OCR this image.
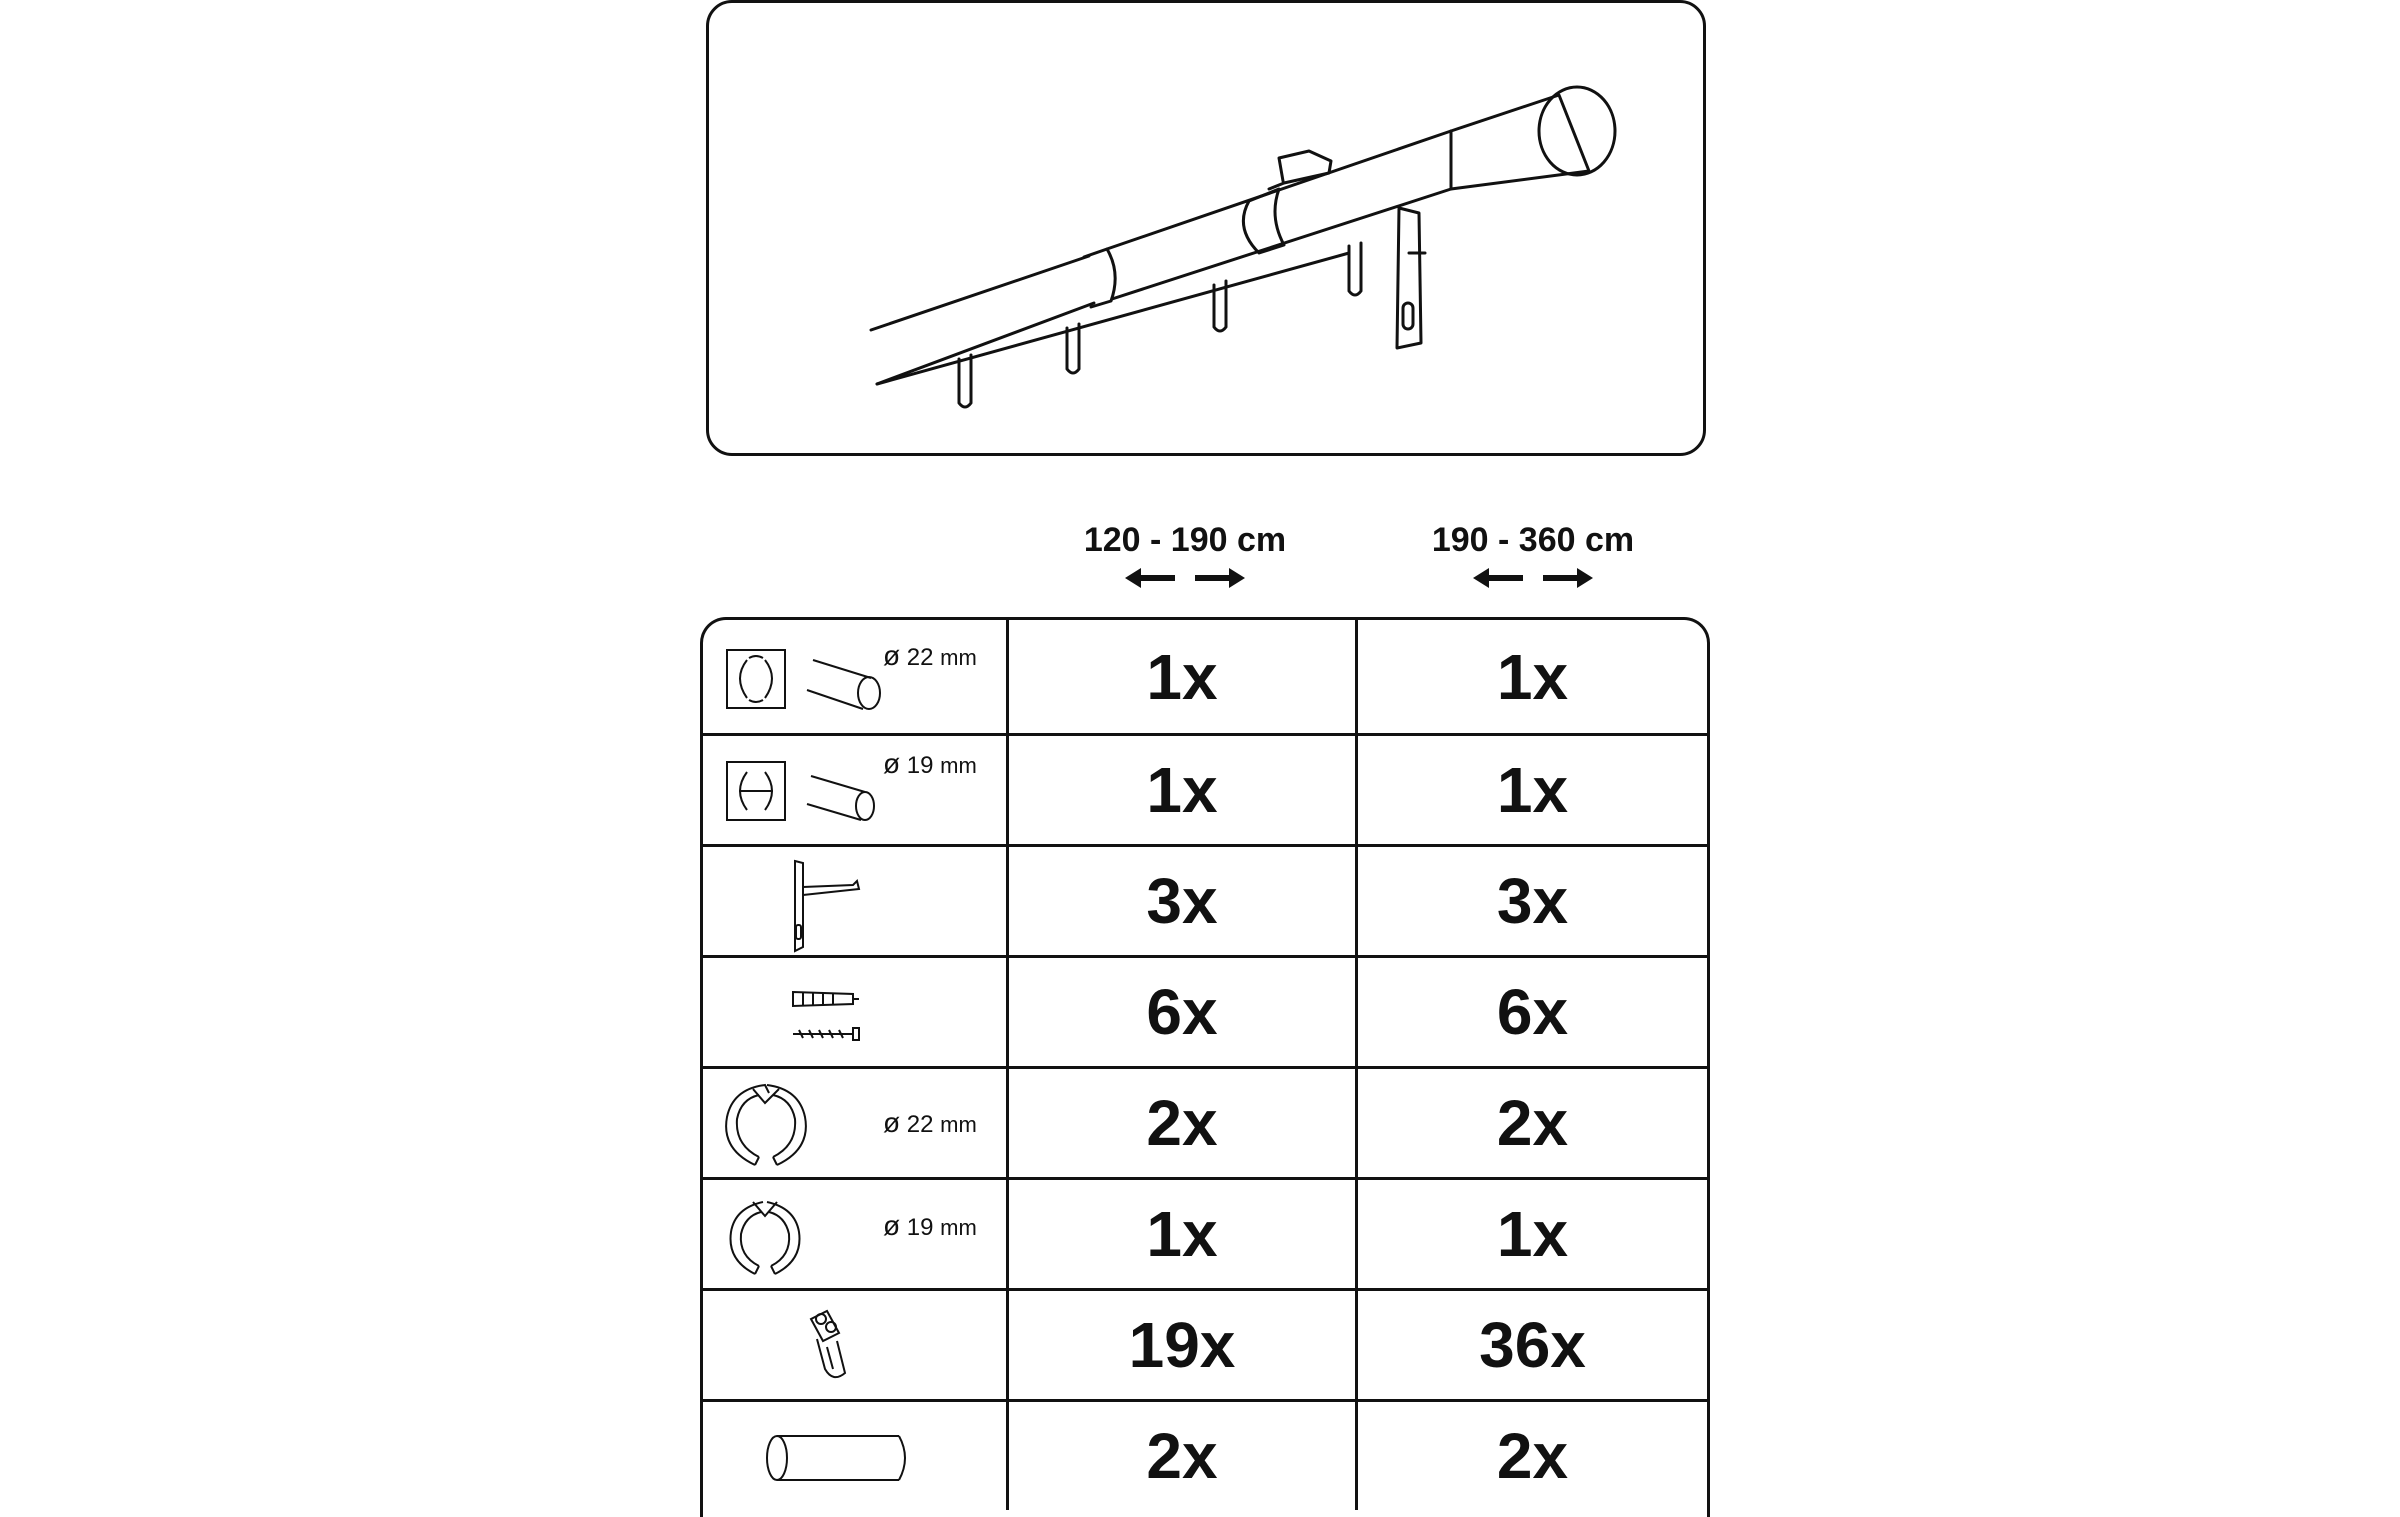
120 - 190 cm	190 - 360 cm
ø 22 mm	1x	1x
ø 19 mm	1x	1x
3x	3x
6x	6x
ø 22 mm	2x	2x
ø 19 mm	1x	1x
19x	36x
2x	2x
